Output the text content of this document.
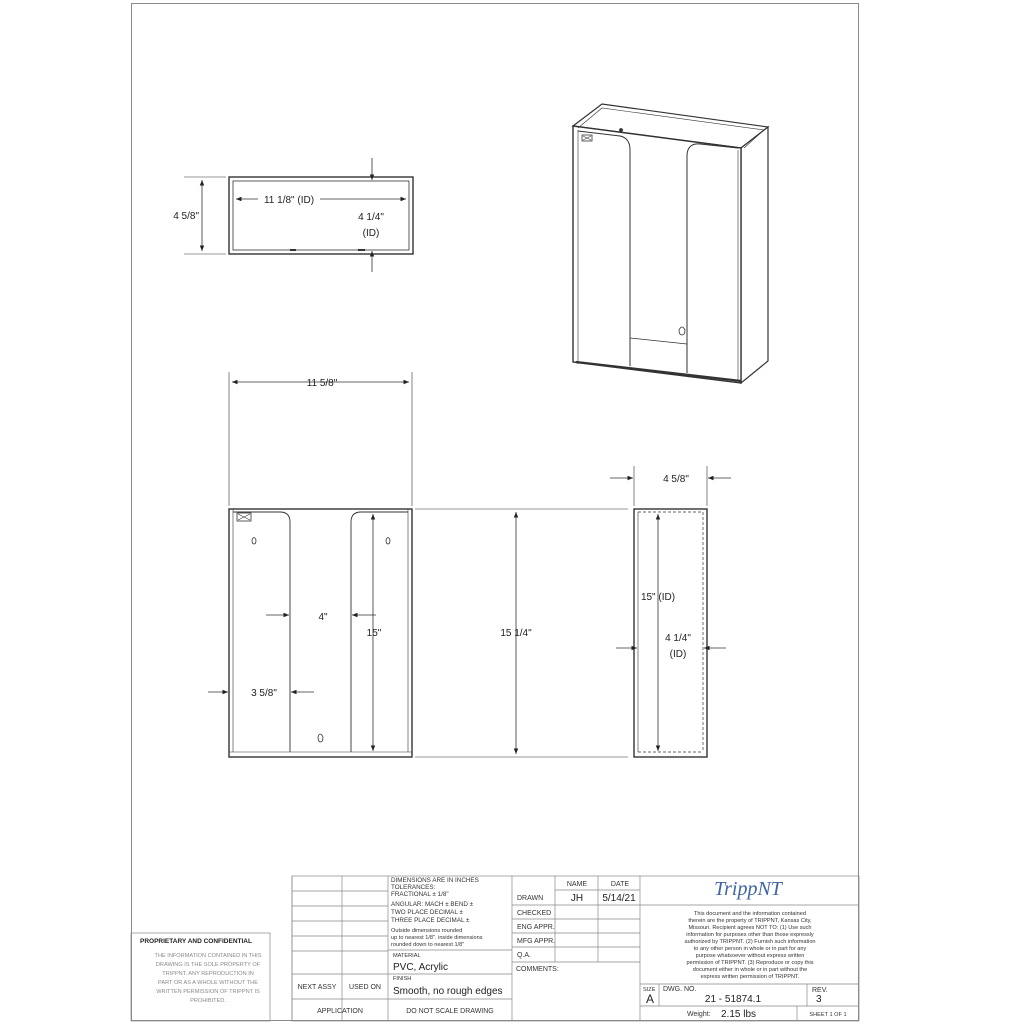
4 5/8"
11 1/8" (ID)
4 1/4"
(ID)
11 5/8"
4"
15"
3 5/8"
15 1/4"
4 5/8"
15" (ID)
4 1/4"
(ID)
DIMENSIONS ARE IN INCHES
TOLERANCES:
FRACTIONAL ± 1/8"
ANGULAR: MACH ± BEND ±
TWO PLACE DECIMAL ±
THREE PLACE DECIMAL ±
Outside dimensions rounded
up to nearest 1/8". inside dimensions
rounded down to nearest 1/8"
MATERIAL
PVC, Acrylic
FINISH
Smooth, no rough edges
DO NOT SCALE DRAWING
NEXT ASSY USED ON
APPLICATION
NAME	DATE
DRAWN	JH 5/14/21
CHECKED
ENG APPR.
MFG APPR.
Q.A.
COMMENTS:
TrippNT
This document and the information contained
therein are the property of TRIPPNT, Kansas City,
Missouri. Recipient agrees NOT TO: (1) Use such
information for purposes other than those expressly
authorized by TRIPPNT. (2) Furnish such information
to any other person in whole or in part for any
purpose whatsoever without express written
permission of TRIPPNT. (3) Reproduce or copy this
document either in whole or in part without the
express written permission of TRIPPNT.
SIZE
A
DWG. NO.
21 - 51874.1
REV.
3
Weight: 2.15 lbs	SHEET 1 OF 1
PROPRIETARY AND CONFIDENTIAL
THE INFORMATION CONTAINED IN THIS
DRAWING IS THE SOLE PROPERTY OF
TRIPPNT. ANY REPRODUCTION IN
PART OR AS A WHOLE WITHOUT THE
WRITTEN PERMISSION OF TRIPPNT IS
PROHIBITED.
